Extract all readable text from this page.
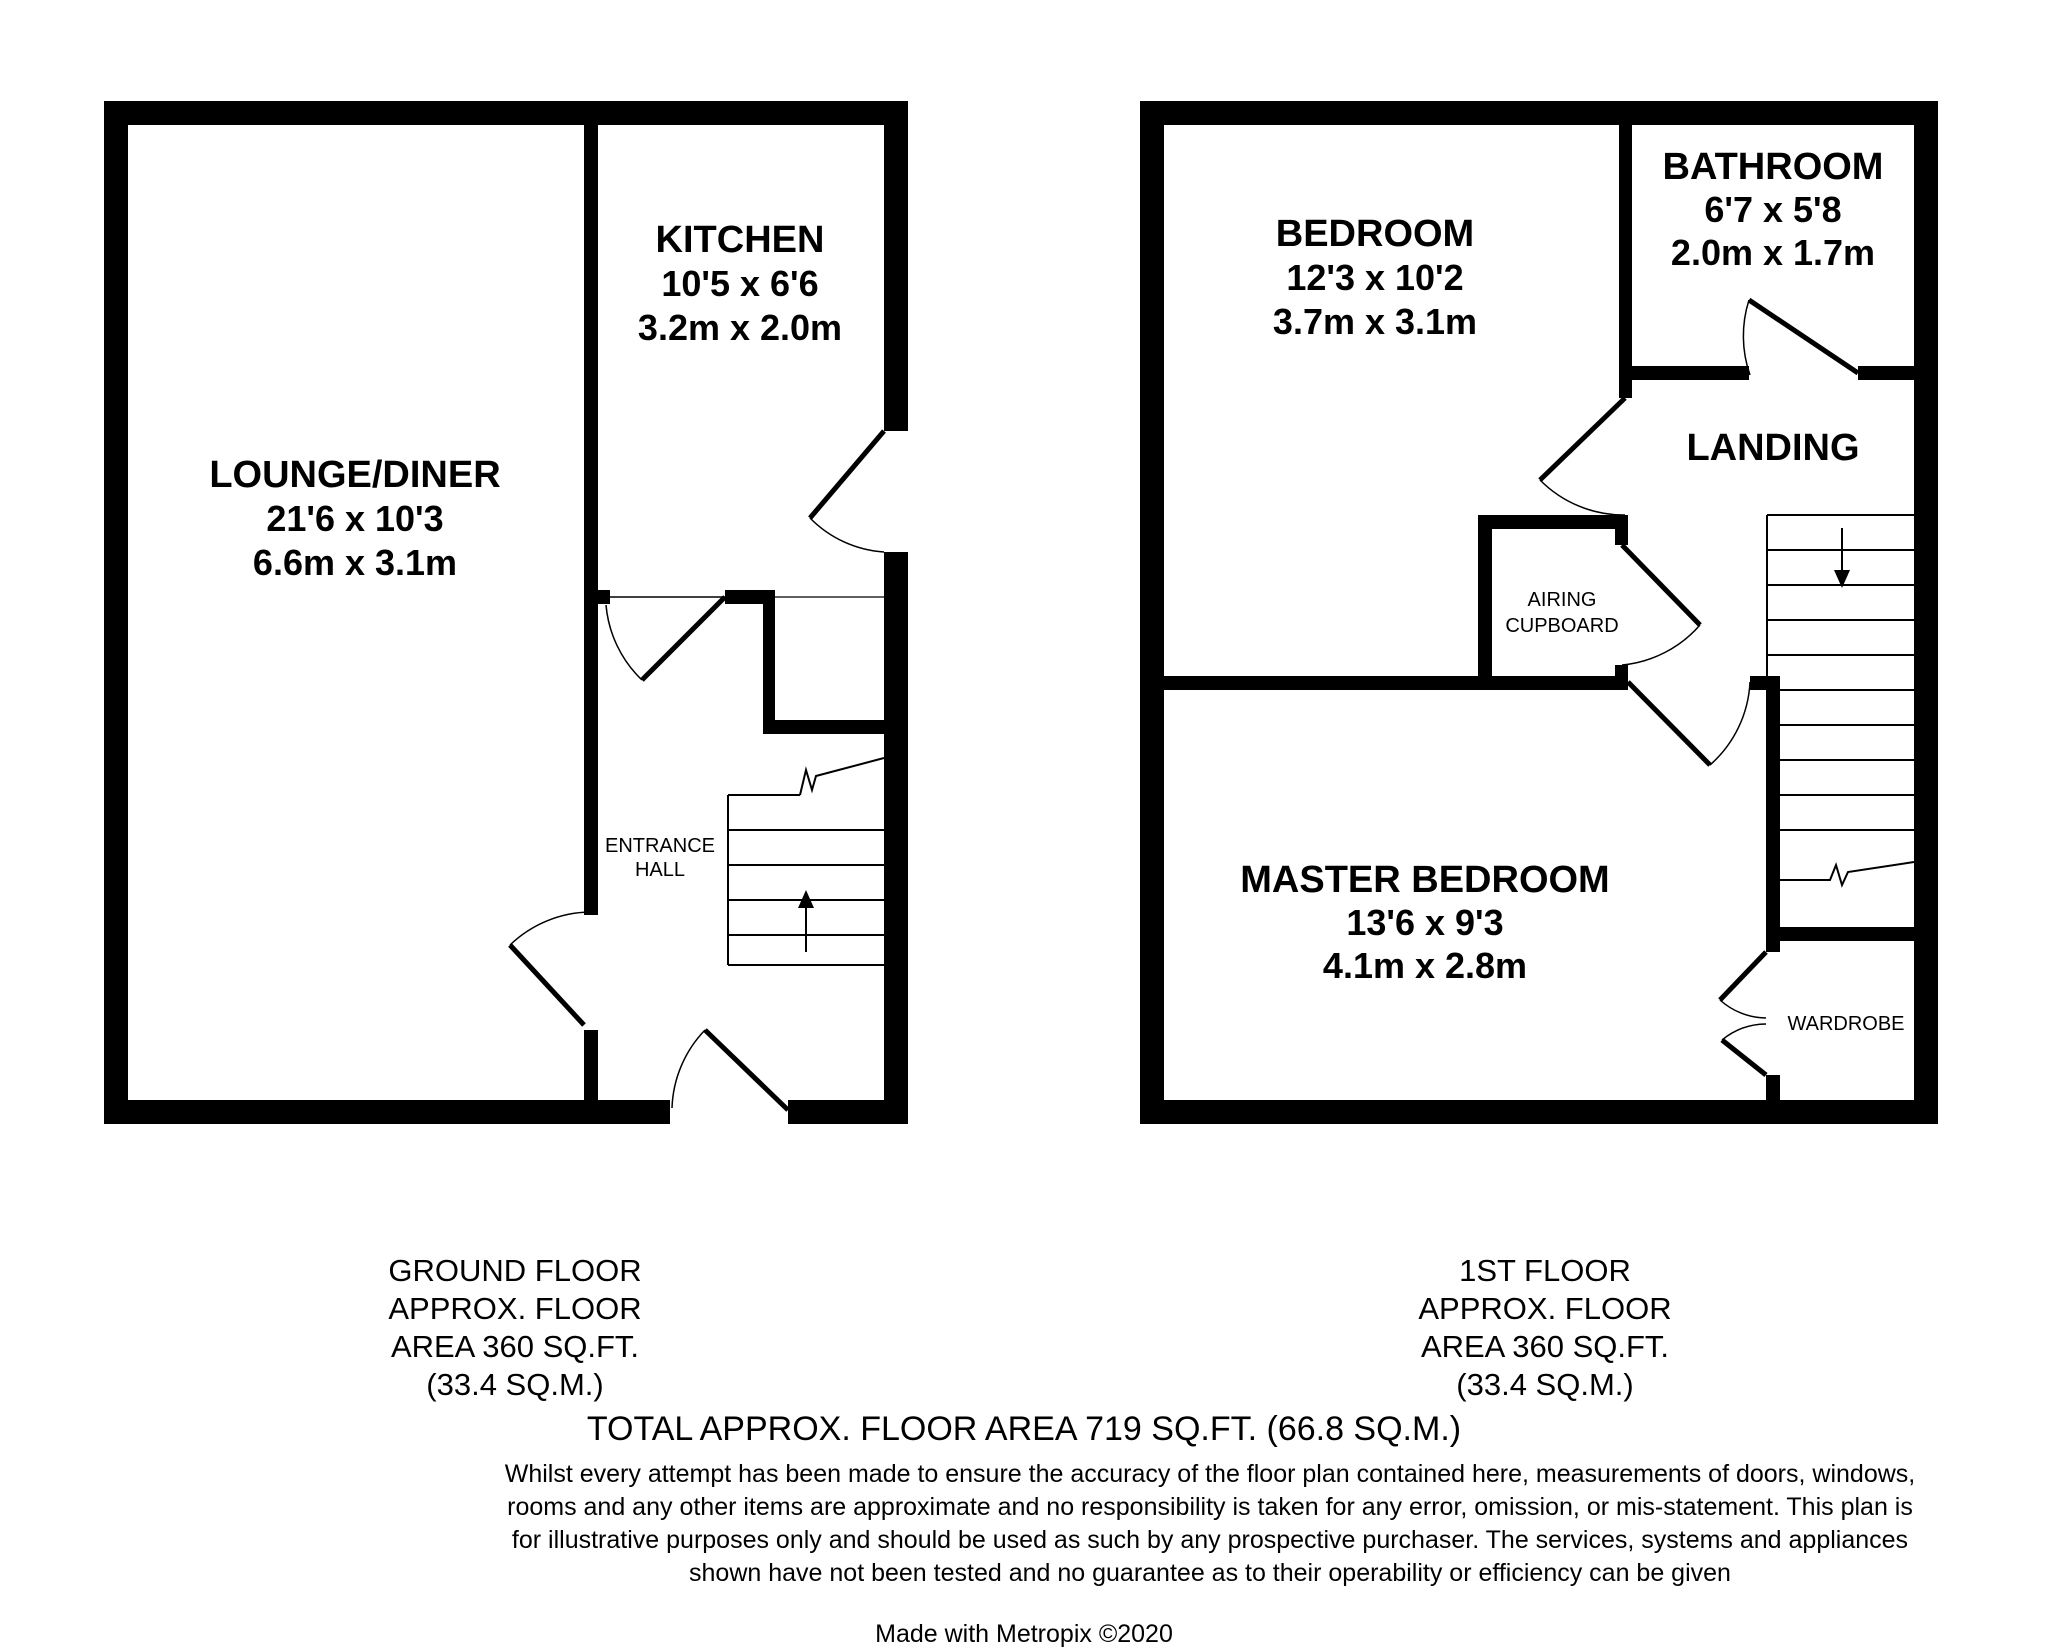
LOUNGE/DINER
21'6 x 10'3
6.6m x 3.1m
KITCHEN
10'5 x 6'6
3.2m x 2.0m
ENTRANCE
HALL
BEDROOM
12'3 x 10'2
3.7m x 3.1m
BATHROOM
6'7 x 5'8
2.0m x 1.7m
LANDING
AIRING
CUPBOARD
MASTER BEDROOM
13'6 x 9'3
4.1m x 2.8m
WARDROBE
GROUND FLOOR
APPROX. FLOOR
AREA 360 SQ.FT.
(33.4 SQ.M.)
1ST FLOOR
APPROX. FLOOR
AREA 360 SQ.FT.
(33.4 SQ.M.)
TOTAL APPROX. FLOOR AREA 719 SQ.FT. (66.8 SQ.M.)
Whilst every attempt has been made to ensure the accuracy of the floor plan contained here, measurements of doors, windows, rooms and any other items are approximate and no responsibility is taken for any error, omission, or mis-statement. This plan is for illustrative purposes only and should be used as such by any prospective purchaser. The services, systems and appliances shown have not been tested and no guarantee as to their operability or efficiency can be given
Made with Metropix ©2020
